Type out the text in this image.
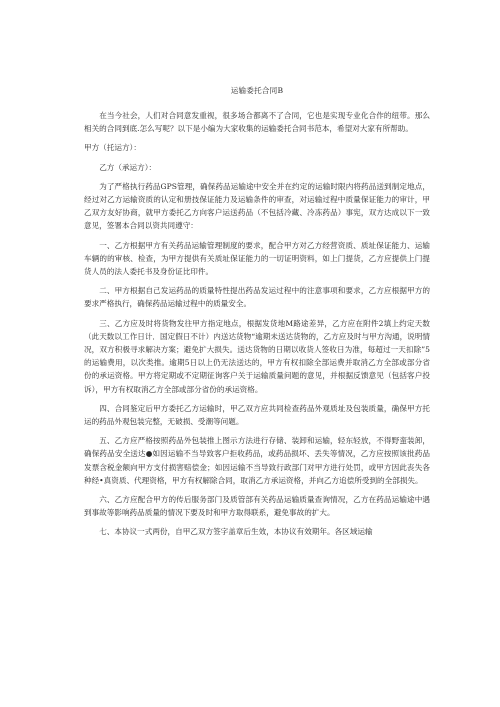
运输委托合同B

在当今社会，人们对合同意发重视，很多场合都离不了合同，它也是实现专业化合作的纽带。那么相关的合同到底.怎么写呢？以下是小编为大家收集的运输委托合同书范本，希望对大家有所帮助。

甲方（托运方）：

乙方（承运方）：

为了严格执行药品GPS管理，确保药品运输途中安全并在约定的运输时限内将药品送到制定地点，经过对乙方运输资质的认定和册技保证能力及运输条件的审查，对运输过程中质量保证能力的审计，甲乙双方友好协商，就甲方委托乙方向客户运送药品（不包括冷藏、冷冻药品）事宪，双方达成以下一致意见，签署本合同以资共同遵守：

一、乙方根据甲方有关药品运输管理制度的要求，配合甲方对乙方经营资质、质址保证能力、运输车辆的的审核、检查，为甲方提供有关质址保证能力的一切证明资料，如上门提货，乙方应提供上门提货人员的法人委托书及身份证比印件。

二、甲方根据自己发运药品的质量特性提出药品发运过程中的注意事项和要求，乙方应根据甲方的要求严格执行，确保药品运输过程中的质量安全。

三、乙方应及时将货物发往甲方指定地点，根据发货地M路途差异，乙方应在附件2填上约定天数（此天数以工作日计．国定假日不计）内送达货物“逾期未送达货物的，乙方应及时与甲方沟通，说明情况，双方积极寻求解决方案；避免扩大损失。送达货物的日期以收货人签收日为准，每超过一天扣除”5的运输费用，以次类推。逾期5日以上仍无法送达的，甲方有权扣除全部运费并取消乙方全部或部分省份的承运资格。甲方将定期或不定期征询客户关于运输质量问题的意见，并根据反馈意见（包括客户投诉），甲方有权取消乙方全部或部分省份的承运资格。

四、合同鉴定后甲方委托乙方运输时，甲乙双方应共同检查药品外观质址及包装质量，确保甲方托运的药品外观包装完整，无破损、受潮等问题。

五、乙方应严格按照药品外包装推上图示方法进行存储、装卸和运输，轻东轻放，不得野蛮装卸，确保药品安全送达●如因运输不当导致客户拒收药品，或药品损坏、丢失等情况，乙方应按照该批药品发票含税金额向甲方支付损害赔偿金；如因运输不当导致行政部门对甲方进行处罚，或甲方因此丧失各种经•真资质、代理资格，甲方有权解除合同，取消乙方承运资格，并向乙方追偿所受到的全部损失。

六、乙方应配合甲方的传后服务部门及质管部有关药品运输质量查询情况，乙方在药品运输途中遇到事故等影响药品质量的情况下要及时和甲方取得联系，避免事故的扩大。

七、本协议一式两份，自甲乙双方签字盖章后生效，本协议有效期年。各区域运输
